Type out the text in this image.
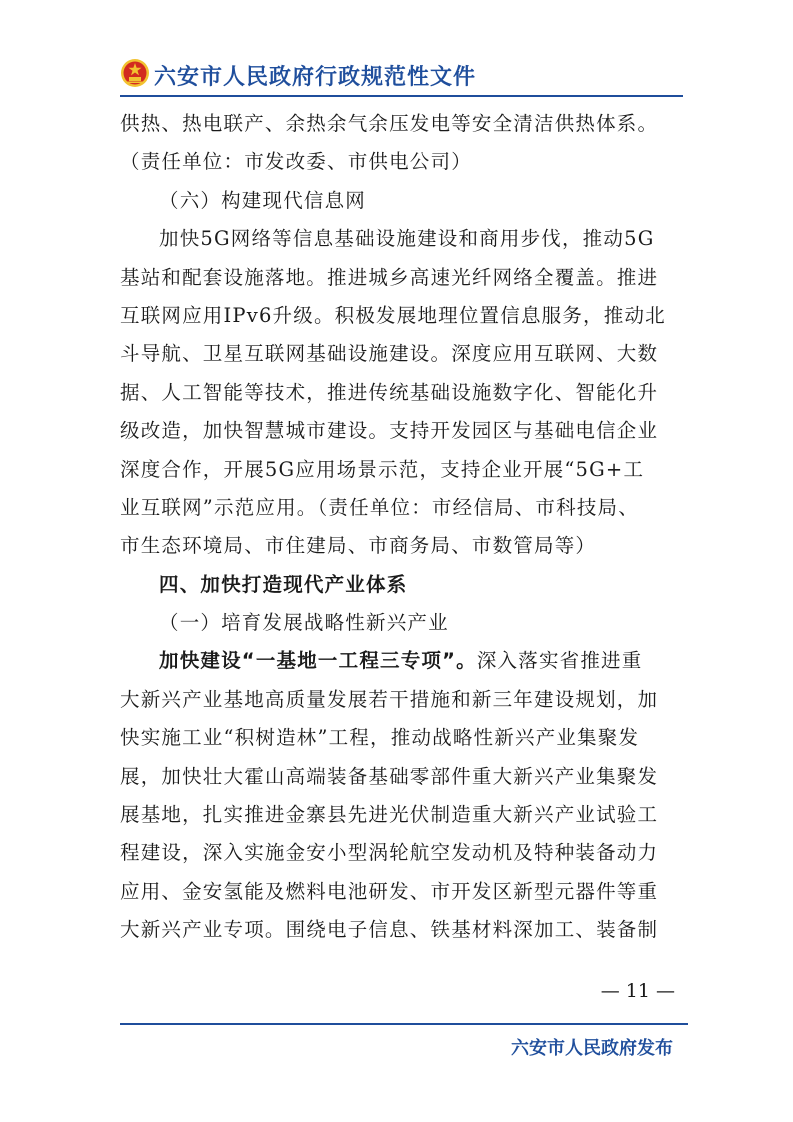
六安市人民政府行政规范性文件
供热、热电联产、余热余气余压发电等安全清洁供热体系。
（责任单位：市发改委、市供电公司）
（六）构建现代信息网
加快5G网络等信息基础设施建设和商用步伐，推动5G
基站和配套设施落地。推进城乡高速光纤网络全覆盖。推进
互联网应用IPv6升级。积极发展地理位置信息服务，推动北
斗导航、卫星互联网基础设施建设。深度应用互联网、大数
据、人工智能等技术，推进传统基础设施数字化、智能化升
级改造，加快智慧城市建设。支持开发园区与基础电信企业
深度合作，开展5G应用场景示范，支持企业开展“5G+工
业互联网”示范应用。（责任单位：市经信局、市科技局、
市生态环境局、市住建局、市商务局、市数管局等）
四、加快打造现代产业体系
（一）培育发展战略性新兴产业
加快建设“一基地一工程三专项”。深入落实省推进重
大新兴产业基地高质量发展若干措施和新三年建设规划，加
快实施工业“积树造林”工程，推动战略性新兴产业集聚发
展，加快壮大霍山高端装备基础零部件重大新兴产业集聚发
展基地，扎实推进金寨县先进光伏制造重大新兴产业试验工
程建设，深入实施金安小型涡轮航空发动机及特种装备动力
应用、金安氢能及燃料电池研发、市开发区新型元器件等重
大新兴产业专项。围绕电子信息、铁基材料深加工、装备制
— 11 —
六安市人民政府发布
